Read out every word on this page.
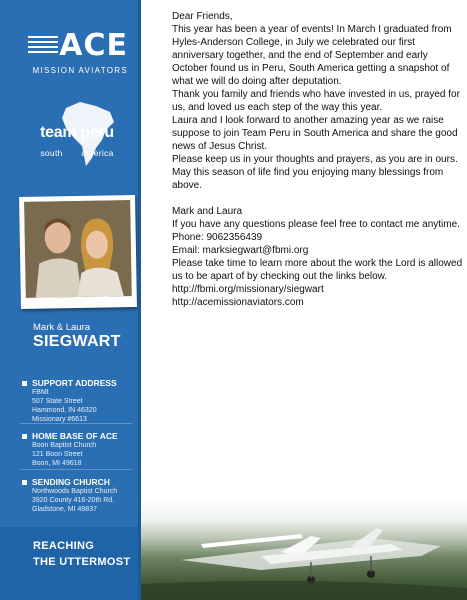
ACE
MISSION AVIATORS
team peru
south america
Mark & Laura
SIEGWART
SUPPORT ADDRESS
FBMI
507 State Street
Hammond, IN 46320
Missionary #6613
HOME BASE OF ACE
Boon Baptist Church
121 Boon Street
Boon, MI 49618
SENDING CHURCH
Northwoods Baptist Church
3920 County 416-20th Rd.
Gladstone, MI 49837
REACHING
THE UTTERMOST

Dear Friends,

This year has been a year of events! In March I graduated from Hyles-Anderson College, in July we celebrated our first anniversary together, and the end of September and early October found us in Peru, South America getting a snapshot of what we will do doing after deputation.

Thank you family and friends who have invested in us, prayed for us, and loved us each step of the way this year.

Laura and I look forward to another amazing year as we raise suppose to join Team Peru in South America and share the good news of Jesus Christ.

Please keep us in your thoughts and prayers, as you are in ours.

May this season of life find you enjoying many blessings from above.

Mark and Laura

If you have any questions please feel free to contact me anytime.

Phone: 9062356439

Email: marksiegwart@fbmi.org

Please take time to learn more about the work the Lord is allowed us to be apart of by checking out the links below.

http://fbmi.org/missionary/siegwart

http://acemissionaviators.com
